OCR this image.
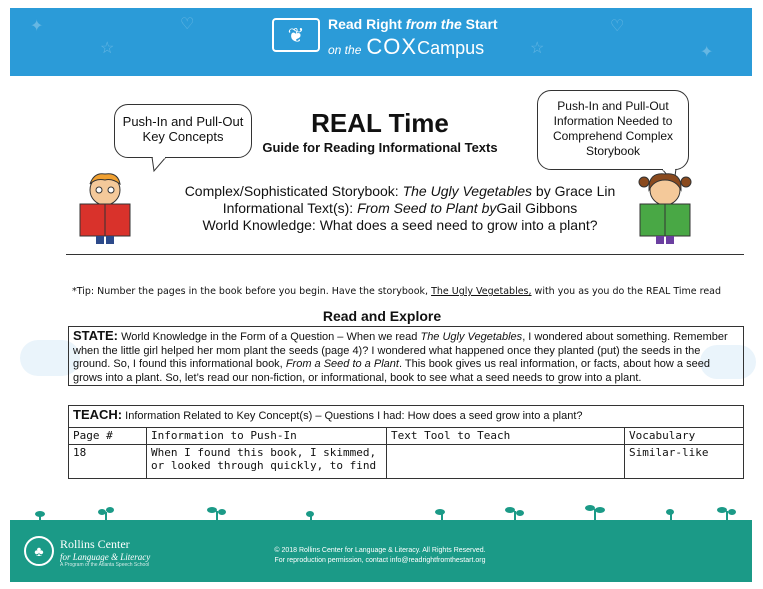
✦
☆
♡
☆
♡
✦
❦
Read Right from the Start
on the COXCampus
Push-In and Pull-Out Key Concepts
Push-In and Pull-Out Information Needed to Comprehend Complex Storybook
REAL Time
Guide for Reading Informational Texts
Complex/Sophisticated Storybook: The Ugly Vegetables by Grace Lin
Informational Text(s): From Seed to Plant byGail Gibbons
World Knowledge: What does a seed need to grow into a plant?
*Tip: Number the pages in the book before you begin. Have the storybook, The Ugly Vegetables, with you as you do the REAL Time read
Read and Explore
STATE: World Knowledge in the Form of a Question – When we read The Ugly Vegetables, I wondered about something. Remember when the little girl helped her mom plant the seeds (page 4)? I wondered what happened once they planted (put) the seeds in the ground. So, I found this informational book, From a Seed to a Plant. This book gives us real information, or facts, about how a seed grows into a plant. So, let’s read our non-fiction, or informational, book to see what a seed needs to grow into a plant.
TEACH: Information Related to Key Concept(s) – Questions I had: How does a seed grow into a plant?			
Page #	Information to Push-In	Text Tool to Teach	Vocabulary
18	When I found this book, I skimmed, or looked through quickly, to find		Similar-like
♣	Rollins Center
for Language & Literacy
A Program of the Atlanta Speech School
© 2018 Rollins Center for Language & Literacy. All Rights Reserved.
For reproduction permission, contact info@readrightfromthestart.org
